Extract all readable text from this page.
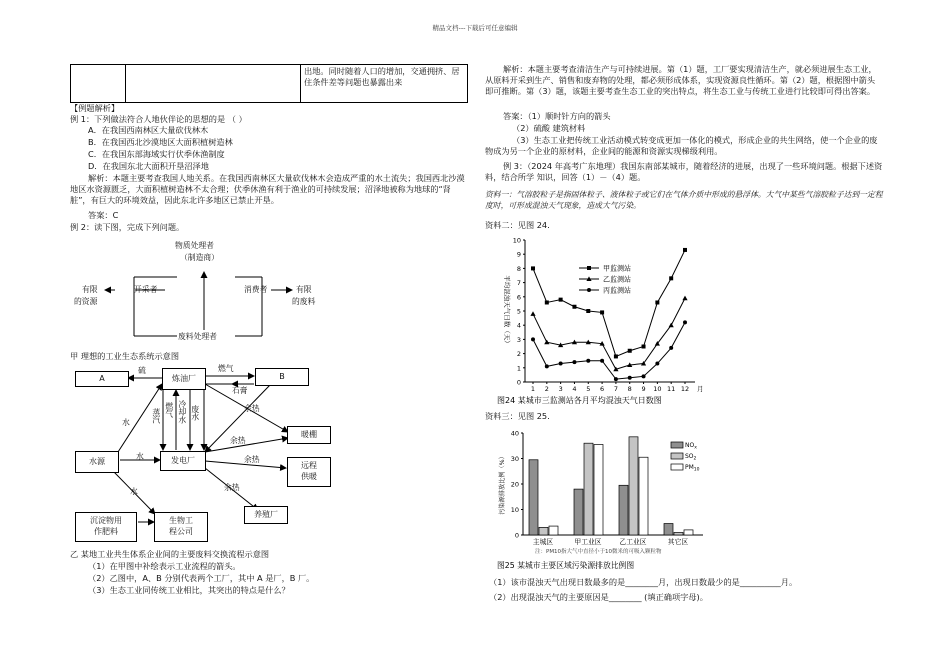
精品文档---下载后可任意编辑
		出地。同时随着人口的增加，交通拥挤、居住条件差等问题也暴露出来
【例题解析】
例 1：下列做法符合人地伙伴论的思想的是 （ ）
A．在我国西南林区大量砍伐林木
B．在我国西北沙漠地区大面积植树造林
C．在我国东部海域实行伏季休渔制度
D．在我国东北大面积开垦沼泽地
解析：本题主要考查我国人地关系。在我国西南林区大量砍伐林木会造成严重的水土流失；我国西北沙漠地区水资源匮乏，大面积植树造林不太合理；伏季休渔有利于渔业的可持续发展；沼泽地被称为地球的“肾脏”，有巨大的环境效益，因此东北许多地区已禁止开垦。
答案：C
例 2：读下图，完成下列问题。
物质处理者
（制造商）
开采者	消费者
废料处理者
有限
的资源
有限
的废料
甲 理想的工业生态系统示意图
A	炼油厂	B
水源	发电厂
暖棚
远程
供暖
养殖厂
沉淀物用
作肥料
生物工
程公司
硫	燃气
石膏
蒸汽 燃气 冷却水 废水
水
水
水
余热
余热
余热
余热
乙 某地工业共生体系企业间的主要废料交换流程示意图
（1）在甲图中补绘表示工业流程的箭头。
（2）乙图中，A、B 分别代表两个工厂，其中 A 是厂，B 厂。
（3）生态工业同传统工业相比，其突出的特点是什么？
解析：本题主要考查清洁生产与可持续进展。第（1）题，工厂要实现清洁生产，就必须进展生态工业，从原料开采到生产、销售和废弃物的处理，都必须形成体系，实现资源良性循环。第（2）题，根据图中箭头即可推断。第（3）题，该题主要考查生态工业的突出特点，将生态工业与传统工业进行比较即可得出答案。
答案：（1）顺时针方向的箭头
（2）硫酸 建筑材料
（3）生态工业把传统工业活动模式转变成更加一体化的模式，形成企业的共生网络，使一个企业的废物成为另一个企业的原材料，企业间的能源和资源实现梯级利用。
例 3：（2024 年高考广东地理）我国东南部某城市，随着经济的进展，出现了一些环境问题。根据下述资料，结合所学 知识，回答（1）－（4）题。
资料一：气溶胶粒子是指固体粒子、液体粒子或它们在气体介质中形成的悬浮体。大气中某些气溶胶粒子达到一定程度时，可形成混浊天气现象，造成大气污染。
资料二：见图 24.
0
1
2
3
4
5
6
7
8
9
10
1 2 3 4 5 6 7 8 9 10 11 12 月
平均混浊天气日数（天）
图24 某城市三监测站各月平均混浊天气日数图
甲监测站
乙监测站
丙监测站
资料三：见图 25.
0
10
20
30
40
污染源排放比例（%）
主城区	甲工业区	乙工业区	其它区
$NO_x$
$SO_2$
$PM_{10}$
注：PM10指大气中直径小于10微米的可吸入颗粒物
图25 某城市主要区域污染源排放比例图
（1）该市混浊天气出现日数最多的是________月，出现日数最少的是__________月。
（2）出现混浊天气的主要原因是________ (填正确项字母)。
